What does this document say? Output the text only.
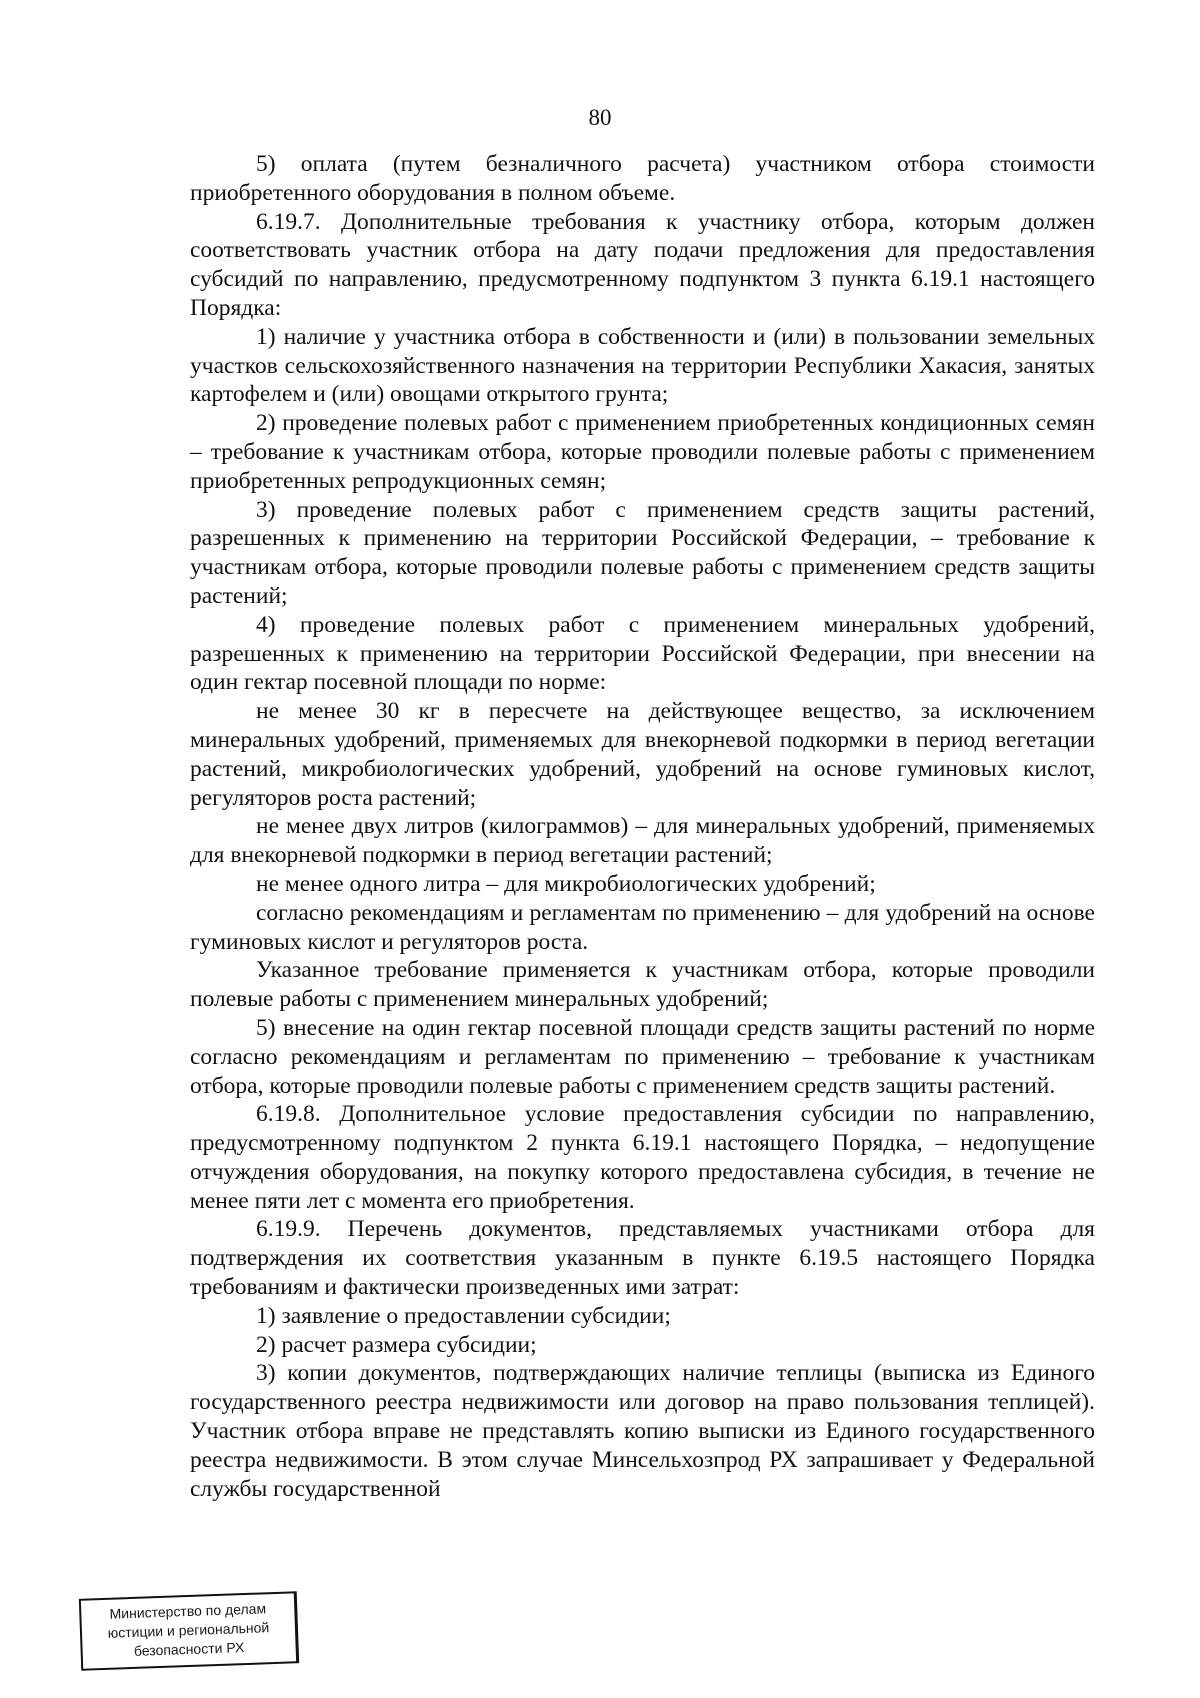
80

5) оплата (путем безналичного расчета) участником отбора стоимости приобретенного оборудования в полном объеме.

6.19.7. Дополнительные требования к участнику отбора, которым должен соответствовать участник отбора на дату подачи предложения для предоставления субсидий по направлению, предусмотренному подпунктом 3 пункта 6.19.1 настоящего Порядка:

1) наличие у участника отбора в собственности и (или) в пользовании земельных участков сельскохозяйственного назначения на территории Республики Хакасия, занятых картофелем и (или) овощами открытого грунта;

2) проведение полевых работ с применением приобретенных кондиционных семян – требование к участникам отбора, которые проводили полевые работы с применением приобретенных репродукционных семян;

3) проведение полевых работ с применением средств защиты растений, разрешенных к применению на территории Российской Федерации, – требование к участникам отбора, которые проводили полевые работы с применением средств защиты растений;

4) проведение полевых работ с применением минеральных удобрений, разрешенных к применению на территории Российской Федерации, при внесении на один гектар посевной площади по норме:

не менее 30 кг в пересчете на действующее вещество, за исключением минеральных удобрений, применяемых для внекорневой подкормки в период вегетации растений, микробиологических удобрений, удобрений на основе гуминовых кислот, регуляторов роста растений;

не менее двух литров (килограммов) – для минеральных удобрений, применяемых для внекорневой подкормки в период вегетации растений;

не менее одного литра – для микробиологических удобрений;

согласно рекомендациям и регламентам по применению – для удобрений на основе гуминовых кислот и регуляторов роста.

Указанное требование применяется к участникам отбора, которые проводили полевые работы с применением минеральных удобрений;

5) внесение на один гектар посевной площади средств защиты растений по норме согласно рекомендациям и регламентам по применению – требование к участникам отбора, которые проводили полевые работы с применением средств защиты растений.

6.19.8. Дополнительное условие предоставления субсидии по направлению, предусмотренному подпунктом 2 пункта 6.19.1 настоящего Порядка, – недопущение отчуждения оборудования, на покупку которого предоставлена субсидия, в течение не менее пяти лет с момента его приобретения.

6.19.9. Перечень документов, представляемых участниками отбора для подтверждения их соответствия указанным в пункте 6.19.5 настоящего Порядка требованиям и фактически произведенных ими затрат:

1) заявление о предоставлении субсидии;

2) расчет размера субсидии;

3) копии документов, подтверждающих наличие теплицы (выписка из Единого государственного реестра недвижимости или договор на право пользования теплицей). Участник отбора вправе не представлять копию выписки из Единого государственного реестра недвижимости. В этом случае Минсельхозпрод РХ запрашивает у Федеральной службы государственной

Министерство по делам
юстиции и региональной
безопасности РХ
